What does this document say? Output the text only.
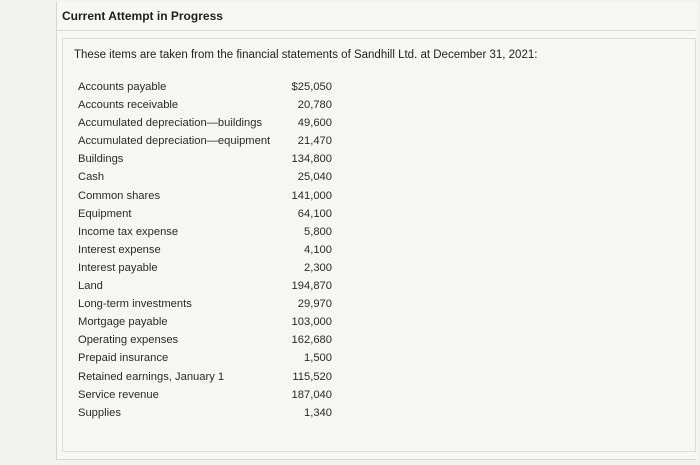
Current Attempt in Progress
These items are taken from the financial statements of Sandhill Ltd. at December 31, 2021:
Accounts payable	$25,050
Accounts receivable	20,780
Accumulated depreciation—buildings	49,600
Accumulated depreciation—equipment 21,470
Buildings	134,800
Cash	25,040
Common shares	141,000
Equipment	64,100
Income tax expense	5,800
Interest expense	4,100
Interest payable	2,300
Land	194,870
Long-term investments	29,970
Mortgage payable	103,000
Operating expenses	162,680
Prepaid insurance	1,500
Retained earnings, January 1	115,520
Service revenue	187,040
Supplies	1,340
